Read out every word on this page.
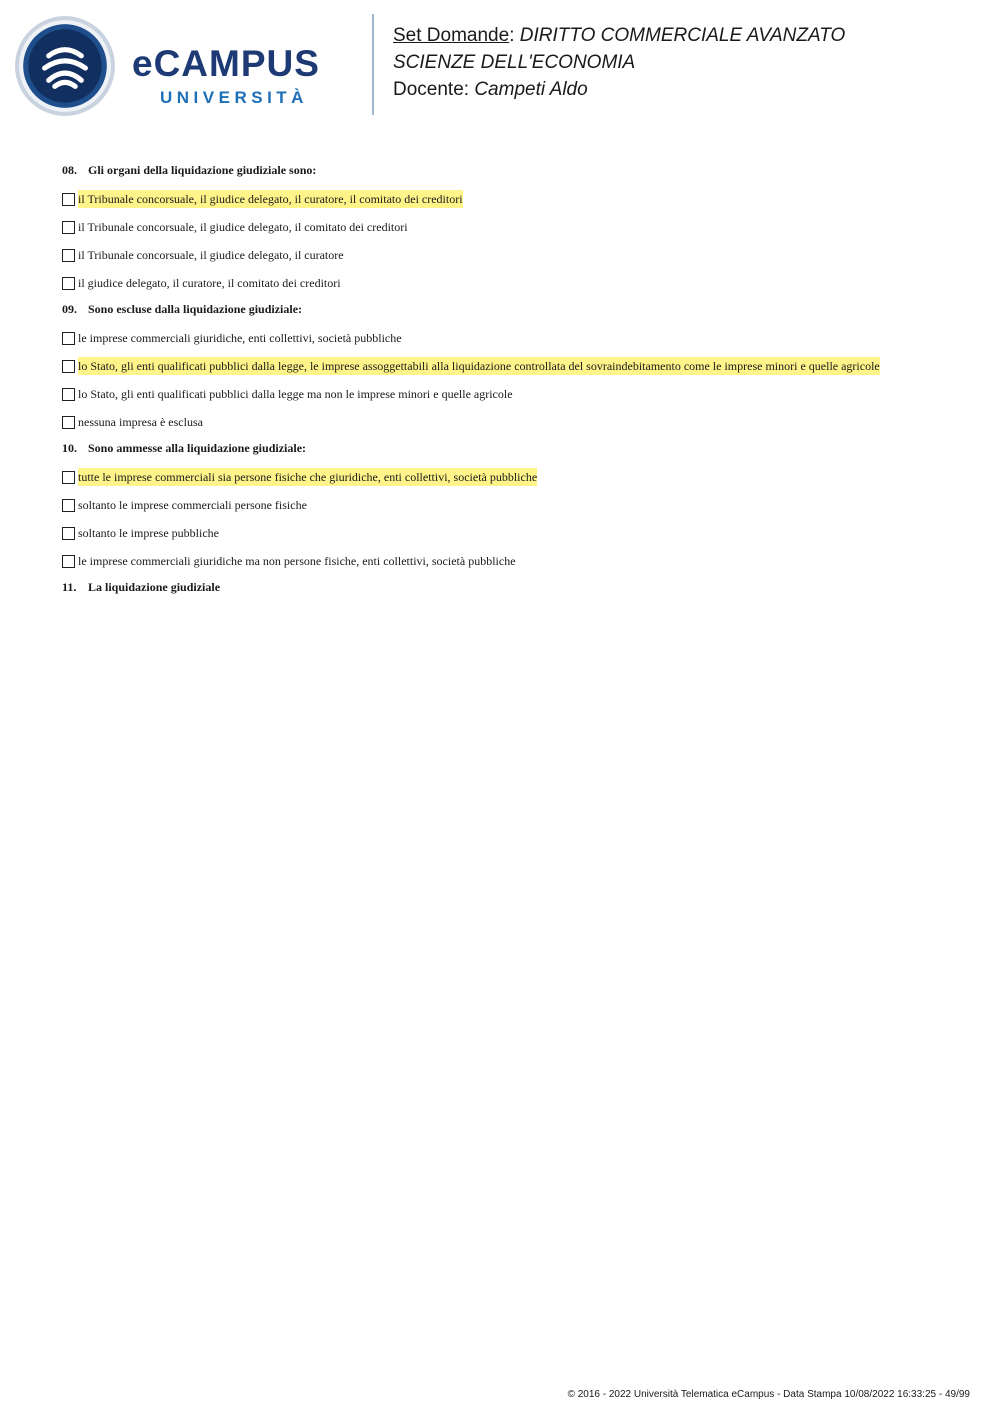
eCAMPUS
UNIVERSITÀ
Set Domande: DIRITTO COMMERCIALE AVANZATO
SCIENZE DELL'ECONOMIA
Docente: Campeti Aldo
08. Gli organi della liquidazione giudiziale sono:
il Tribunale concorsuale, il giudice delegato, il curatore, il comitato dei creditori
il Tribunale concorsuale, il giudice delegato, il comitato dei creditori
il Tribunale concorsuale, il giudice delegato, il curatore
il giudice delegato, il curatore, il comitato dei creditori
09. Sono escluse dalla liquidazione giudiziale:
le imprese commerciali giuridiche, enti collettivi, società pubbliche
lo Stato, gli enti qualificati pubblici dalla legge, le imprese assoggettabili alla liquidazione controllata del sovraindebitamento come le imprese minori e quelle agricole
lo Stato, gli enti qualificati pubblici dalla legge ma non le imprese minori e quelle agricole
nessuna impresa è esclusa
10. Sono ammesse alla liquidazione giudiziale:
tutte le imprese commerciali sia persone fisiche che giuridiche, enti collettivi, società pubbliche
soltanto le imprese commerciali persone fisiche
soltanto le imprese pubbliche
le imprese commerciali giuridiche ma non persone fisiche, enti collettivi, società pubbliche
11. La liquidazione giudiziale
© 2016 - 2022 Università Telematica eCampus - Data Stampa 10/08/2022 16:33:25 - 49/99
